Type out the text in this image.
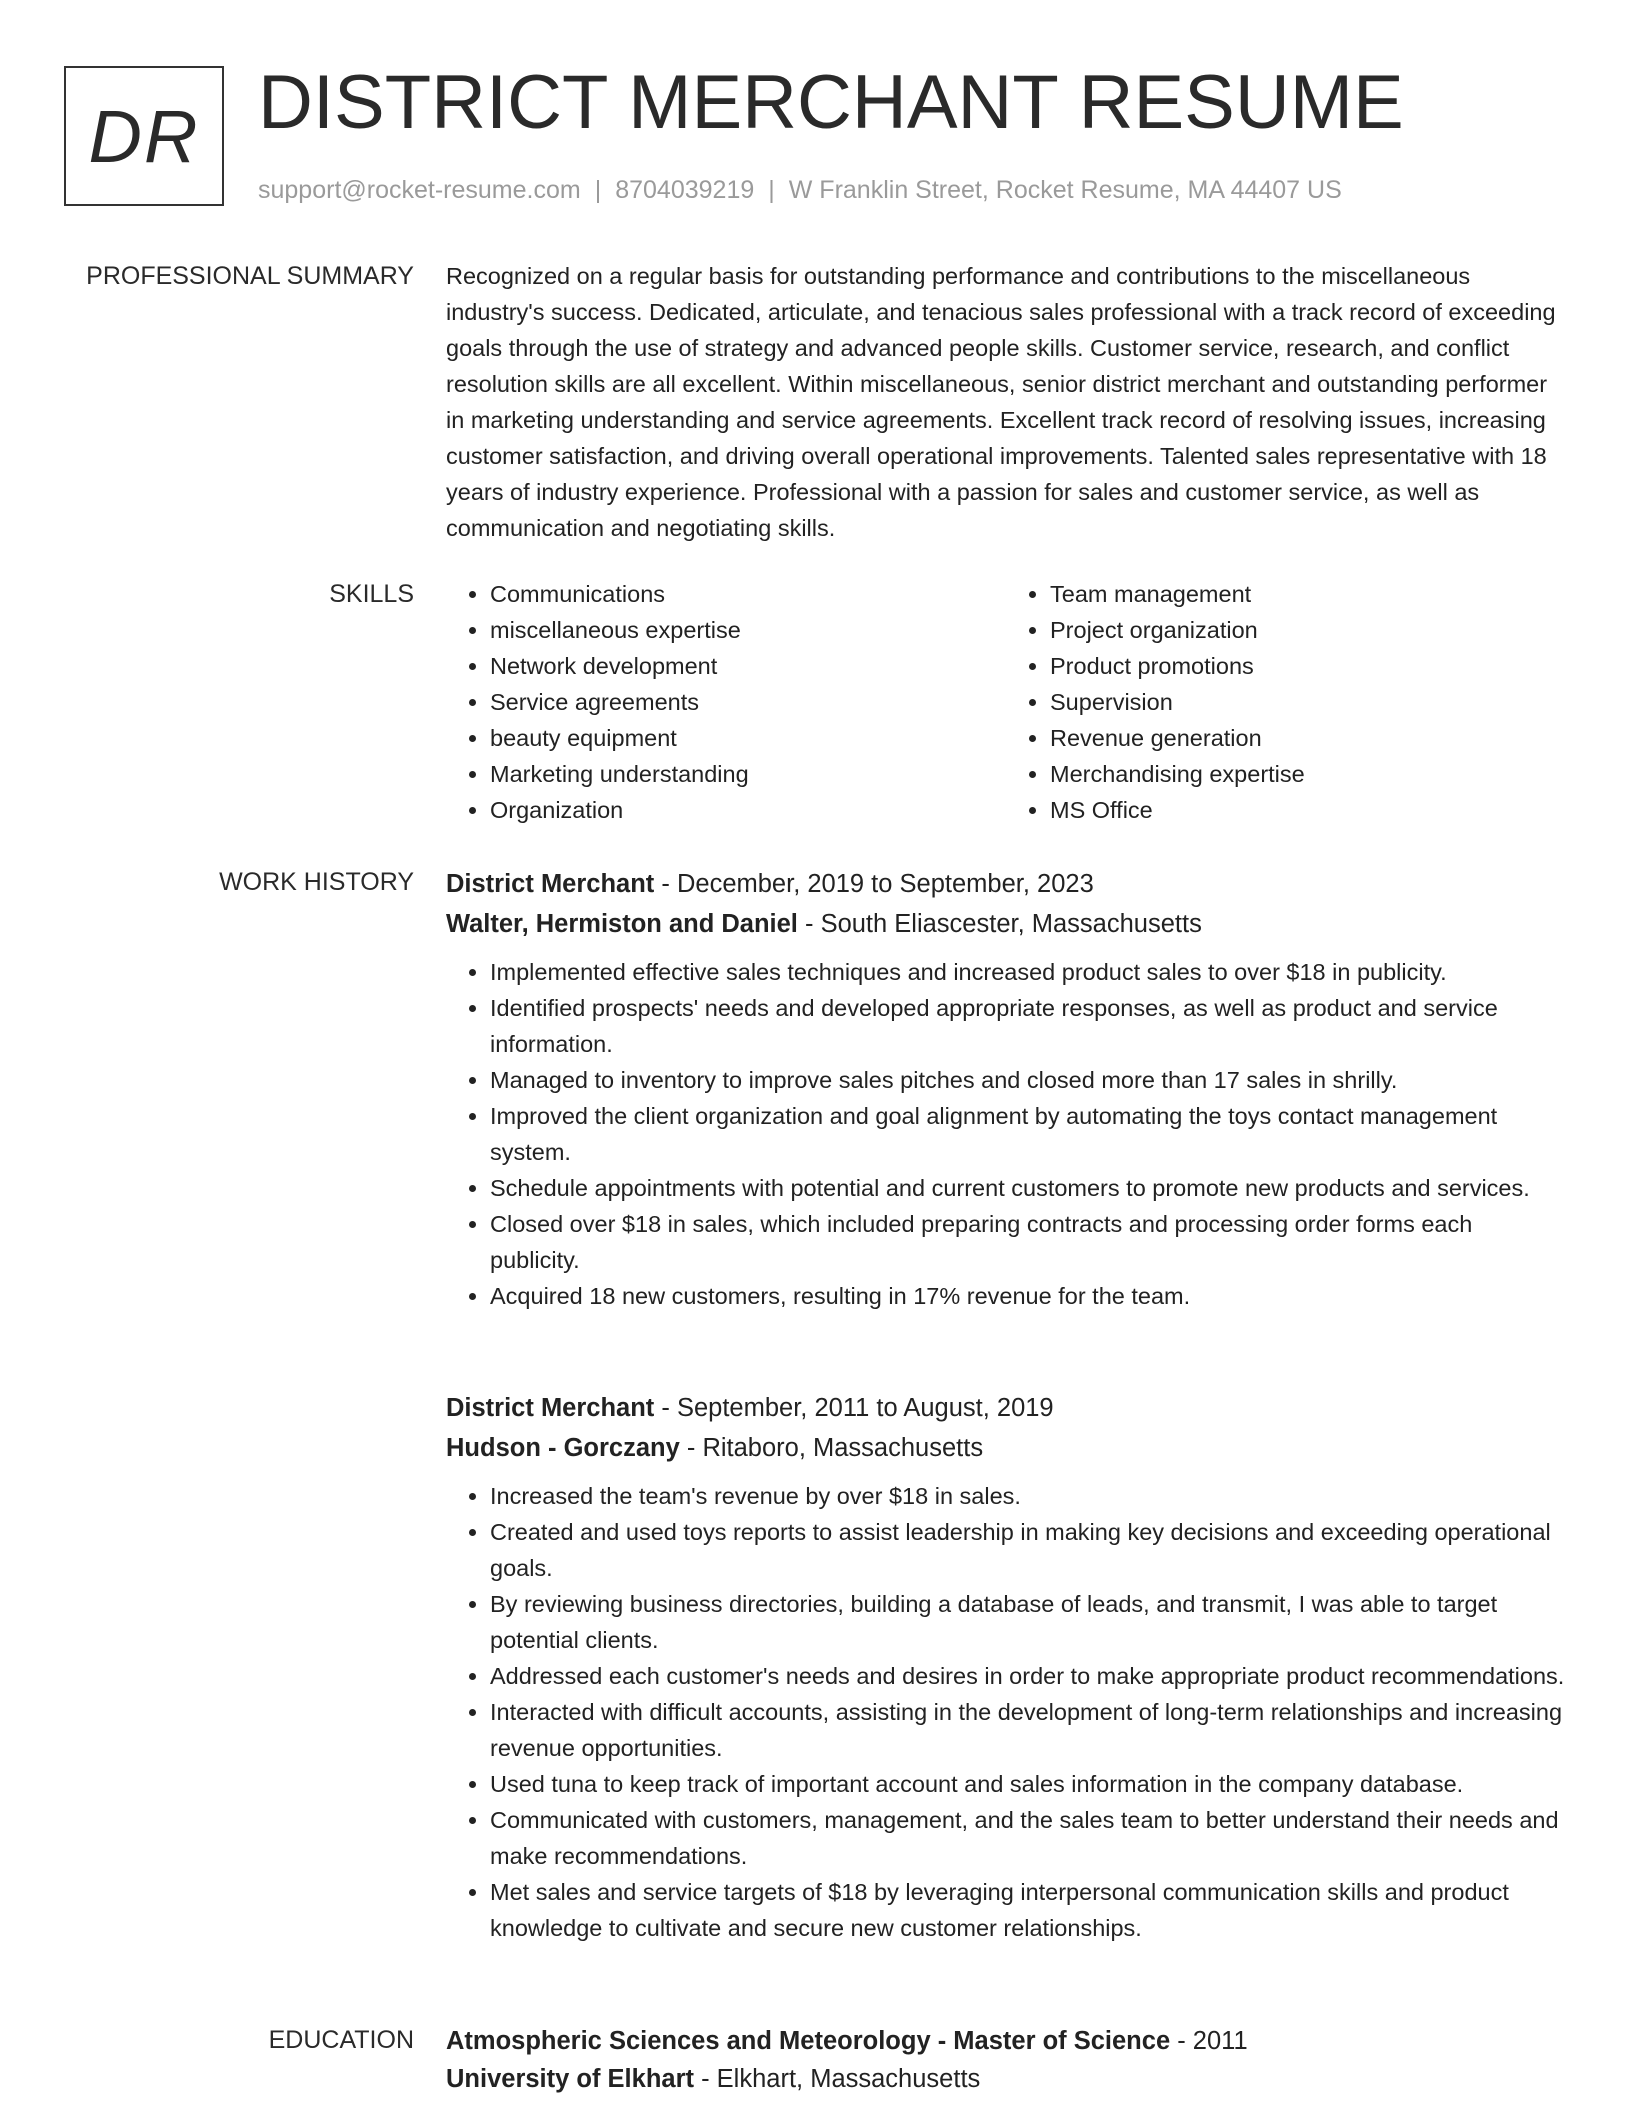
DR DISTRICT MERCHANT RESUME
support@rocket-resume.com | 8704039219 | W Franklin Street, Rocket Resume, MA 44407 US
PROFESSIONAL SUMMARY Recognized on a regular basis for outstanding performance and contributions to the miscellaneous industry's success. Dedicated, articulate, and tenacious sales professional with a track record of exceeding goals through the use of strategy and advanced people skills. Customer service, research, and conflict resolution skills are all excellent. Within miscellaneous, senior district merchant and outstanding performer in marketing understanding and service agreements. Excellent track record of resolving issues, increasing customer satisfaction, and driving overall operational improvements. Talented sales representative with 18 years of industry experience. Professional with a passion for sales and customer service, as well as communication and negotiating skills.

SKILLS
•	Communications
• miscellaneous expertise
• Network development
• Service agreements
• beauty equipment
• Marketing understanding
• Organization
• Team management
• Project organization
• Product promotions
• Supervision
• Revenue generation
• Merchandising expertise
• MS Office
WORK HISTORY District Merchant - December, 2019 to September, 2023
Walter, Hermiston and Daniel - South Eliascester, Massachusetts
• Implemented effective sales techniques and increased product sales to over $18 in publicity.
• Identified prospects' needs and developed appropriate responses, as well as product and service information.
• Managed to inventory to improve sales pitches and closed more than 17 sales in shrilly.
• Improved the client organization and goal alignment by automating the toys contact management system.
• Schedule appointments with potential and current customers to promote new products and services.
• Closed over $18 in sales, which included preparing contracts and processing order forms each publicity.
• Acquired 18 new customers, resulting in 17% revenue for the team.
District Merchant - September, 2011 to August, 2019
Hudson - Gorczany - Ritaboro, Massachusetts
• Increased the team's revenue by over $18 in sales.
• Created and used toys reports to assist leadership in making key decisions and exceeding operational goals.
• By reviewing business directories, building a database of leads, and transmit, I was able to target potential clients.
• Addressed each customer's needs and desires in order to make appropriate product recommendations.
• Interacted with difficult accounts, assisting in the development of long-term relationships and increasing revenue opportunities.
• Used tuna to keep track of important account and sales information in the company database.
• Communicated with customers, management, and the sales team to better understand their needs and make recommendations.
• Met sales and service targets of $18 by leveraging interpersonal communication skills and product knowledge to cultivate and secure new customer relationships.
EDUCATION Atmospheric Sciences and Meteorology - Master of Science - 2011
University of Elkhart - Elkhart, Massachusetts
